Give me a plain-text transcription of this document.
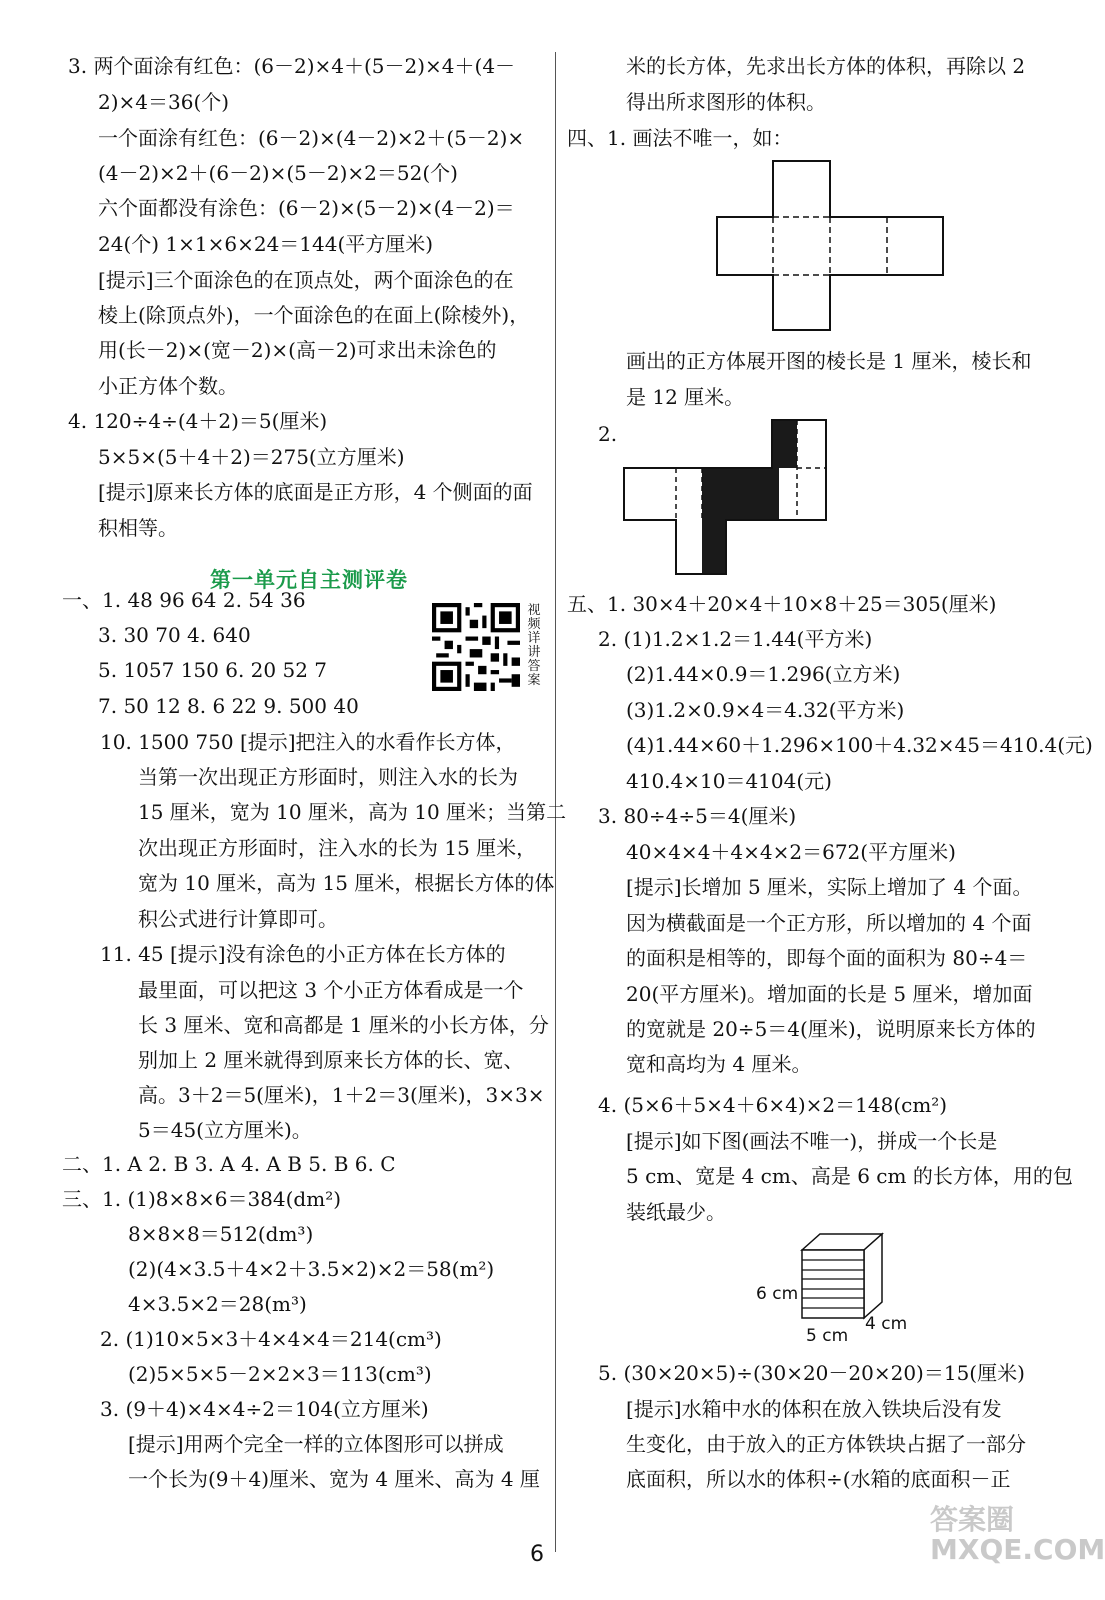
3. 两个面涂有红色：(6－2)×4＋(5－2)×4＋(4－
2)×4＝36(个)
一个面涂有红色：(6－2)×(4－2)×2＋(5－2)×
(4－2)×2＋(6－2)×(5－2)×2＝52(个)
六个面都没有涂色：(6－2)×(5－2)×(4－2)＝
24(个) 1×1×6×24＝144(平方厘米)
[提示]三个面涂色的在顶点处，两个面涂色的在
棱上(除顶点外)，一个面涂色的在面上(除棱外)，
用(长－2)×(宽－2)×(高－2)可求出未涂色的
小正方体个数。
4. 120÷4÷(4＋2)＝5(厘米)
5×5×(5＋4＋2)＝275(立方厘米)
[提示]原来长方体的底面是正方形，4 个侧面的面
积相等。
第一单元自主测评卷
一、1. 48 96 64 2. 54 36
3. 30 70 4. 640
5. 1057 150 6. 20 52 7
7. 50 12 8. 6 22 9. 500 40
视频详讲答案
10. 1500 750 [提示]把注入的水看作长方体，
当第一次出现正方形面时，则注入水的长为
15 厘米，宽为 10 厘米，高为 10 厘米；当第二
次出现正方形面时，注入水的长为 15 厘米，
宽为 10 厘米，高为 15 厘米，根据长方体的体
积公式进行计算即可。
11. 45 [提示]没有涂色的小正方体在长方体的
最里面，可以把这 3 个小正方体看成是一个
长 3 厘米、宽和高都是 1 厘米的小长方体，分
别加上 2 厘米就得到原来长方体的长、宽、
高。3＋2＝5(厘米)，1＋2＝3(厘米)，3×3×
5＝45(立方厘米)。
二、1. A 2. B 3. A 4. A B 5. B 6. C
三、1. (1)8×8×6＝384(dm²)
8×8×8＝512(dm³)
(2)(4×3.5＋4×2＋3.5×2)×2＝58(m²)
4×3.5×2＝28(m³)
2. (1)10×5×3＋4×4×4＝214(cm³)
(2)5×5×5－2×2×3＝113(cm³)
3. (9＋4)×4×4÷2＝104(立方厘米)
[提示]用两个完全一样的立体图形可以拼成
一个长为(9＋4)厘米、宽为 4 厘米、高为 4 厘
米的长方体，先求出长方体的体积，再除以 2
得出所求图形的体积。
四、1. 画法不唯一，如：
画出的正方体展开图的棱长是 1 厘米，棱长和
是 12 厘米。
2.
五、1. 30×4＋20×4＋10×8＋25＝305(厘米)
2. (1)1.2×1.2＝1.44(平方米)
(2)1.44×0.9＝1.296(立方米)
(3)1.2×0.9×4＝4.32(平方米)
(4)1.44×60＋1.296×100＋4.32×45＝410.4(元)
410.4×10＝4104(元)
3. 80÷4÷5＝4(厘米)
40×4×4＋4×4×2＝672(平方厘米)
[提示]长增加 5 厘米，实际上增加了 4 个面。
因为横截面是一个正方形，所以增加的 4 个面
的面积是相等的，即每个面的面积为 80÷4＝
20(平方厘米)。增加面的长是 5 厘米，增加面
的宽就是 20÷5＝4(厘米)，说明原来长方体的
宽和高均为 4 厘米。
4. (5×6＋5×4＋6×4)×2＝148(cm²)
[提示]如下图(画法不唯一)，拼成一个长是
5 cm、宽是 4 cm、高是 6 cm 的长方体，用的包
装纸最少。
6 cm
4 cm
5 cm
5. (30×20×5)÷(30×20－20×20)＝15(厘米)
[提示]水箱中水的体积在放入铁块后没有发
生变化，由于放入的正方体铁块占据了一部分
底面积，所以水的体积÷(水箱的底面积－正
6
答案圈 MXQE.COM
